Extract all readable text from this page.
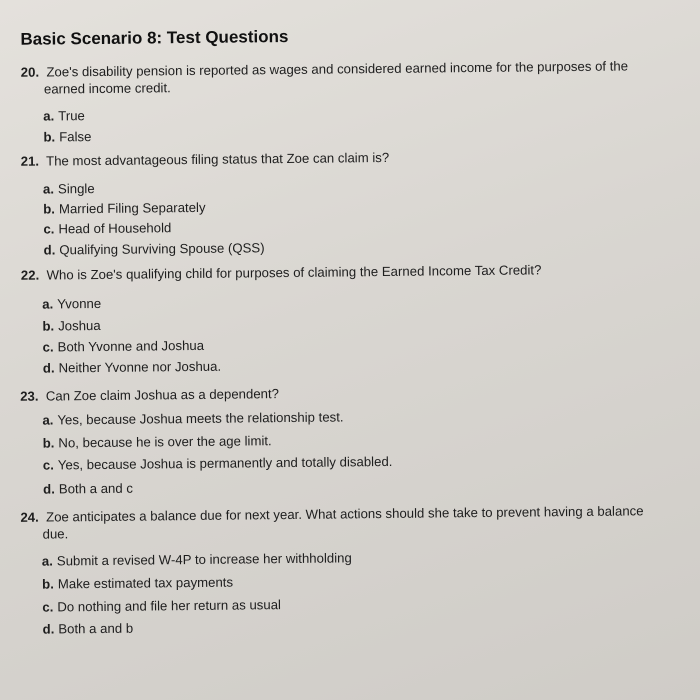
Basic Scenario 8: Test Questions
20. Zoe's disability pension is reported as wages and considered earned income for the purposes of the
earned income credit.
a. True
b. False
21. The most advantageous filing status that Zoe can claim is?
a. Single
b. Married Filing Separately
c. Head of Household
d. Qualifying Surviving Spouse (QSS)
22. Who is Zoe's qualifying child for purposes of claiming the Earned Income Tax Credit?
a. Yvonne
b. Joshua
c. Both Yvonne and Joshua
d. Neither Yvonne nor Joshua.
23. Can Zoe claim Joshua as a dependent?
a. Yes, because Joshua meets the relationship test.
b. No, because he is over the age limit.
c. Yes, because Joshua is permanently and totally disabled.
d. Both a and c
24. Zoe anticipates a balance due for next year. What actions should she take to prevent having a balance
due.
a. Submit a revised W-4P to increase her withholding
b. Make estimated tax payments
c. Do nothing and file her return as usual
d. Both a and b
